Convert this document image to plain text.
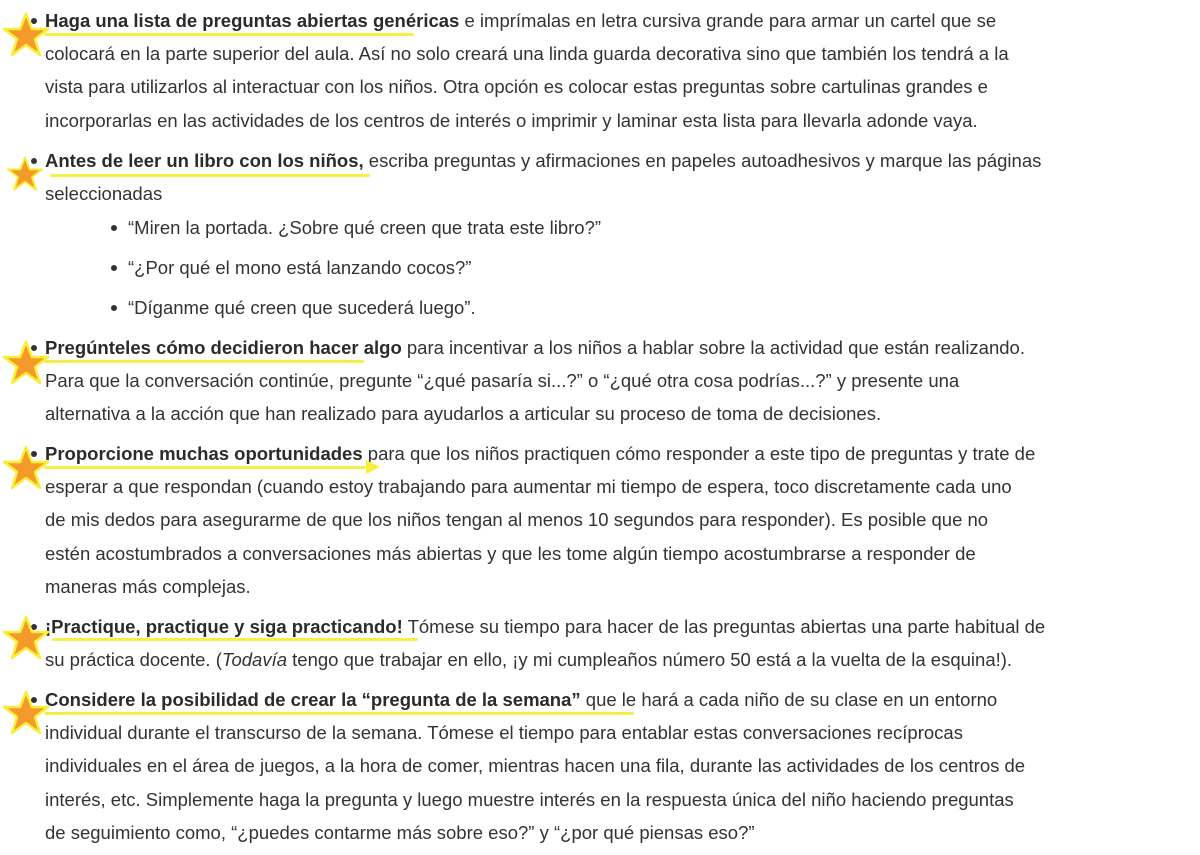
Haga una lista de preguntas abiertas genéricas e imprímalas en letra cursiva grande para armar un cartel que se
colocará en la parte superior del aula. Así no solo creará una linda guarda decorativa sino que también los tendrá a la
vista para utilizarlos al interactuar con los niños. Otra opción es colocar estas preguntas sobre cartulinas grandes e
incorporarlas en las actividades de los centros de interés o imprimir y laminar esta lista para llevarla adonde vaya.
Antes de leer un libro con los niños, escriba preguntas y afirmaciones en papeles autoadhesivos y marque las páginas
seleccionadas
“Miren la portada. ¿Sobre qué creen que trata este libro?”
“¿Por qué el mono está lanzando cocos?”
“Díganme qué creen que sucederá luego”.
Pregúnteles cómo decidieron hacer algo para incentivar a los niños a hablar sobre la actividad que están realizando.
Para que la conversación continúe, pregunte “¿qué pasaría si...?” o “¿qué otra cosa podrías...?” y presente una
alternativa a la acción que han realizado para ayudarlos a articular su proceso de toma de decisiones.
Proporcione muchas oportunidades para que los niños practiquen cómo responder a este tipo de preguntas y trate de
esperar a que respondan (cuando estoy trabajando para aumentar mi tiempo de espera, toco discretamente cada uno
de mis dedos para asegurarme de que los niños tengan al menos 10 segundos para responder). Es posible que no
estén acostumbrados a conversaciones más abiertas y que les tome algún tiempo acostumbrarse a responder de
maneras más complejas.
¡Practique, practique y siga practicando! Tómese su tiempo para hacer de las preguntas abiertas una parte habitual de
su práctica docente. (Todavía tengo que trabajar en ello, ¡y mi cumpleaños número 50 está a la vuelta de la esquina!).
Considere la posibilidad de crear la “pregunta de la semana” que le hará a cada niño de su clase en un entorno
individual durante el transcurso de la semana. Tómese el tiempo para entablar estas conversaciones recíprocas
individuales en el área de juegos, a la hora de comer, mientras hacen una fila, durante las actividades de los centros de
interés, etc. Simplemente haga la pregunta y luego muestre interés en la respuesta única del niño haciendo preguntas
de seguimiento como, “¿puedes contarme más sobre eso?” y “¿por qué piensas eso?”
